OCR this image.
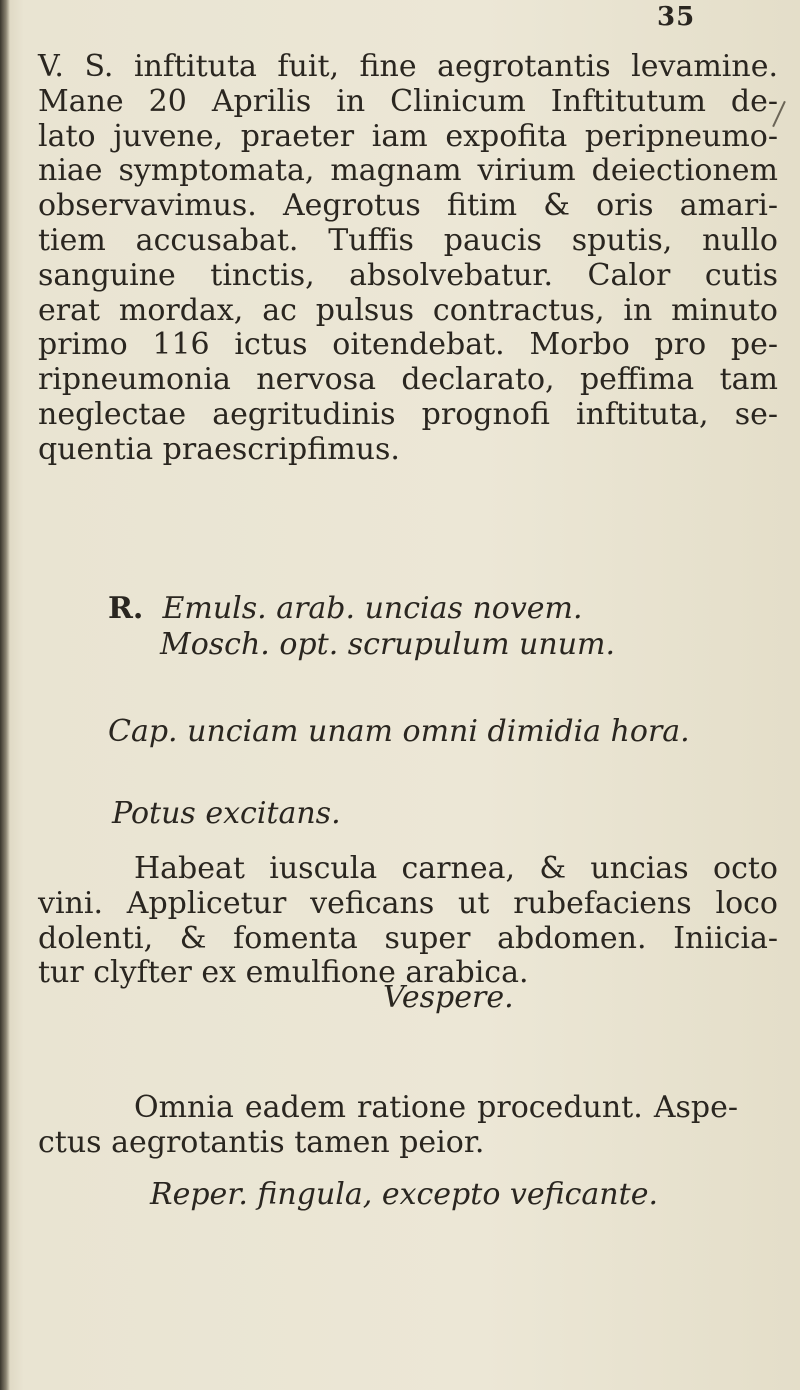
35

V. S. inftituta fuit, fine aegrotantis levamine.
Mane 20 Aprilis in Clinicum Inftitutum de-
lato juvene, praeter iam expofita peripneumo-
niae symptomata, magnam virium deiectionem
observavimus. Aegrotus fitim & oris amari-
tiem accusabat. Tuffis paucis sputis, nullo
sanguine tinctis, absolvebatur. Calor cutis
erat mordax, ac pulsus contractus, in minuto
primo 116 ictus oitendebat. Morbo pro pe-
ripneumonia nervosa declarato, peffima tam
neglectae aegritudinis prognofi inftituta, se-
quentia praescripfimus.

R. Emuls. arab. uncias novem.

Mosch. opt. scrupulum unum.

Cap. unciam unam omni dimidia hora.

Potus excitans.

Habeat iuscula carnea, & uncias octo
vini. Applicetur veficans ut rubefaciens loco
dolenti, & fomenta super abdomen. Iniicia-
tur clyfter ex emulfione arabica.

Vespere.

Omnia eadem ratione procedunt. Aspe-
ctus aegrotantis tamen peior.

Reper. fingula, excepto veficante.
